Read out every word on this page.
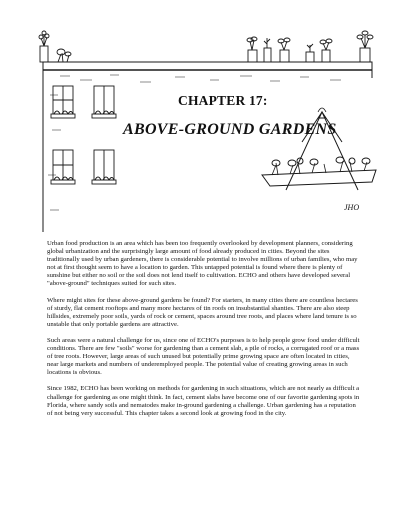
CHAPTER 17:
ABOVE-GROUND GARDENS
JHO

Urban food production is an area which has been too frequently overlooked by development planners, considering global urbanization and the surprisingly large amount of food already produced in cities. Beyond the sites traditionally used by urban gardeners, there is considerable potential to involve millions of urban families, who may not at first thought seem to have a location to garden. This untapped potential is found where there is plenty of sunshine but either no soil or the soil does not lend itself to cultivation. ECHO and others have developed several "above-ground" techniques suited for such sites.

Where might sites for these above-ground gardens be found? For starters, in many cities there are countless hectares of sturdy, flat cement rooftops and many more hectares of tin roofs on insubstantial shanties. There are also steep hillsides, extremely poor soils, yards of rock or cement, spaces around tree roots, and places where land tenure is so unstable that only portable gardens are attractive.

Such areas were a natural challenge for us, since one of ECHO's purposes is to help people grow food under difficult conditions. There are few "soils" worse for gardening than a cement slab, a pile of rocks, a corrugated roof or a mass of tree roots. However, large areas of such unused but potentially prime growing space are often located in cities, near large markets and numbers of underemployed people. The potential value of creating growing areas in such locations is obvious.

Since 1982, ECHO has been working on methods for gardening in such situations, which are not nearly as difficult a challenge for gardening as one might think. In fact, cement slabs have become one of our favorite gardening spots in Florida, where sandy soils and nematodes make in-ground gardening a challenge. Urban gardening has a reputation of not being very successful. This chapter takes a second look at growing food in the city.
